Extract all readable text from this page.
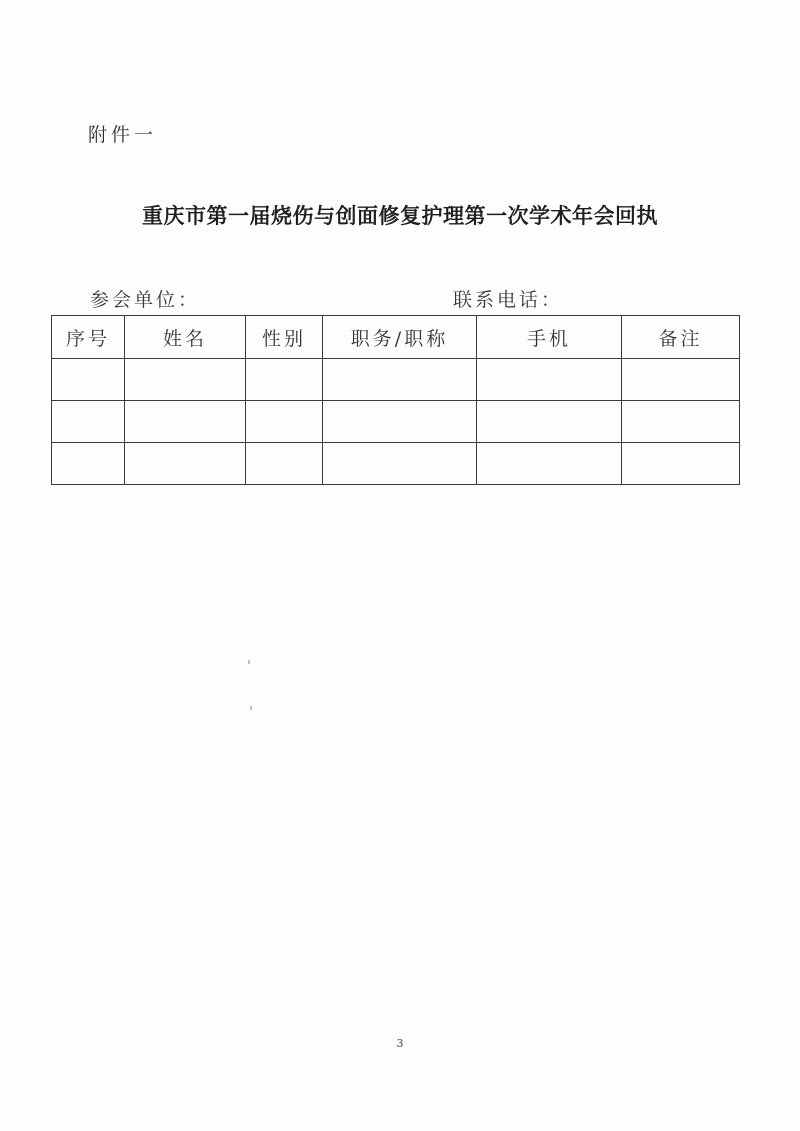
附件一
重庆市第一届烧伤与创面修复护理第一次学术年会回执
参会单位：	联系电话：
序号	姓名	性别	职务/职称	手机	备注

3
